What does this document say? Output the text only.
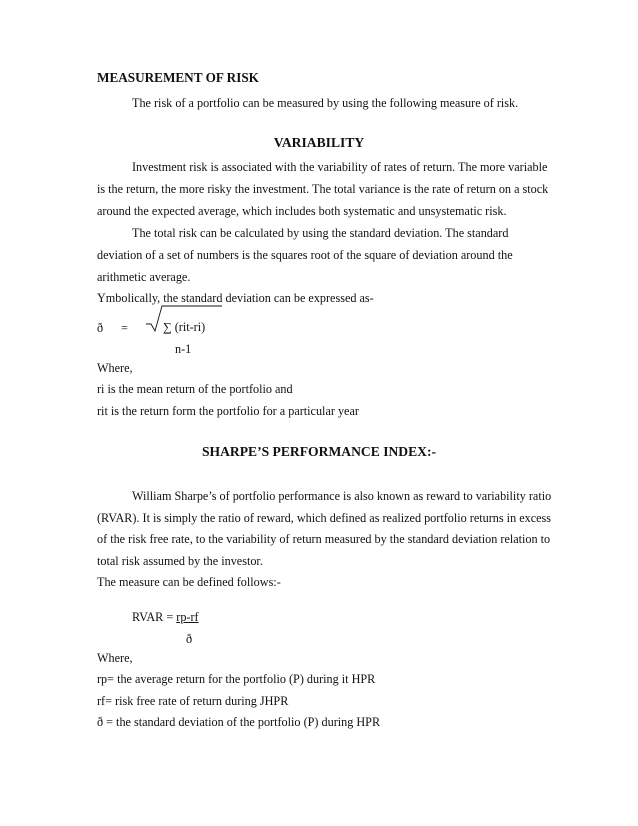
MEASUREMENT OF RISK
The risk of a portfolio can be measured by using the following measure of risk.
VARIABILITY
Investment risk is associated with the variability of rates of return. The more variable
is the return, the more risky the investment. The total variance is the rate of return on a stock
around the expected average, which includes both systematic and unsystematic risk.
The total risk can be calculated by using the standard deviation. The standard
deviation of a set of numbers is the squares root of the square of deviation around the
arithmetic average.
Ymbolically, the standard deviation can be expressed as-
ð =	∑ (rit-ri)
n-1
Where,
ri is the mean return of the portfolio and
rit is the return form the portfolio for a particular year
SHARPE’S PERFORMANCE INDEX:-
William Sharpe’s of portfolio performance is also known as reward to variability ratio
(RVAR). It is simply the ratio of reward, which defined as realized portfolio returns in excess
of the risk free rate, to the variability of return measured by the standard deviation relation to
total risk assumed by the investor.
The measure can be defined follows:-
RVAR = rp-rf
ð
Where,
rp= the average return for the portfolio (P) during it HPR
rf= risk free rate of return during JHPR
ð = the standard deviation of the portfolio (P) during HPR
